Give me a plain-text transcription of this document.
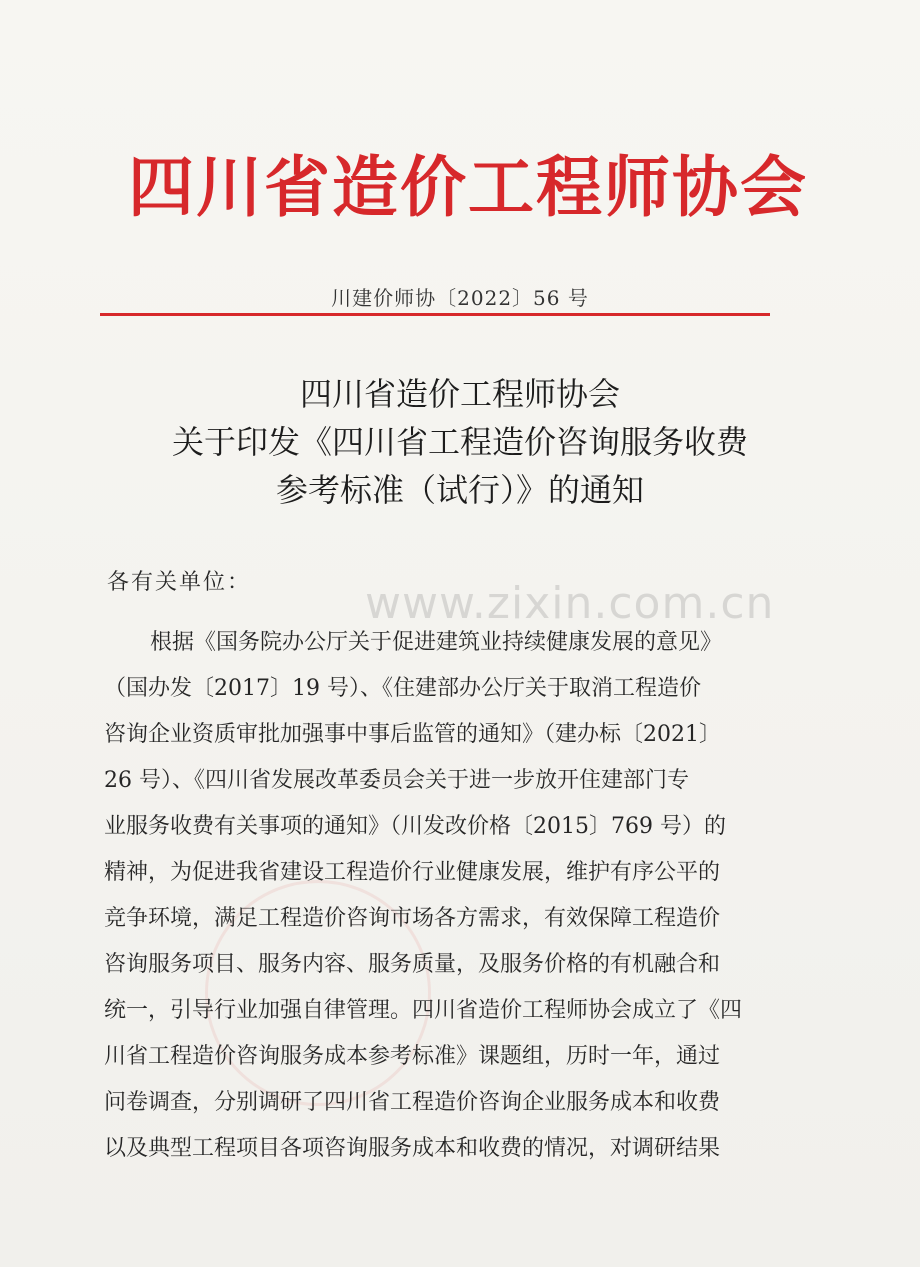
四川省造价工程师协会
川建价师协〔2022〕56 号
四川省造价工程师协会
关于印发《四川省工程造价咨询服务收费
参考标准（试行）》的通知
各有关单位：	www.zixin.com.cn
根据《国务院办公厅关于促进建筑业持续健康发展的意见》
（国办发〔2017〕19 号）、《住建部办公厅关于取消工程造价
咨询企业资质审批加强事中事后监管的通知》（建办标〔2021〕
26 号）、《四川省发展改革委员会关于进一步放开住建部门专
业服务收费有关事项的通知》（川发改价格〔2015〕769 号）的
精神，为促进我省建设工程造价行业健康发展，维护有序公平的
竞争环境，满足工程造价咨询市场各方需求，有效保障工程造价
咨询服务项目、服务内容、服务质量，及服务价格的有机融合和
统一，引导行业加强自律管理。四川省造价工程师协会成立了《四
川省工程造价咨询服务成本参考标准》课题组，历时一年，通过
问卷调查，分别调研了四川省工程造价咨询企业服务成本和收费
以及典型工程项目各项咨询服务成本和收费的情况，对调研结果
